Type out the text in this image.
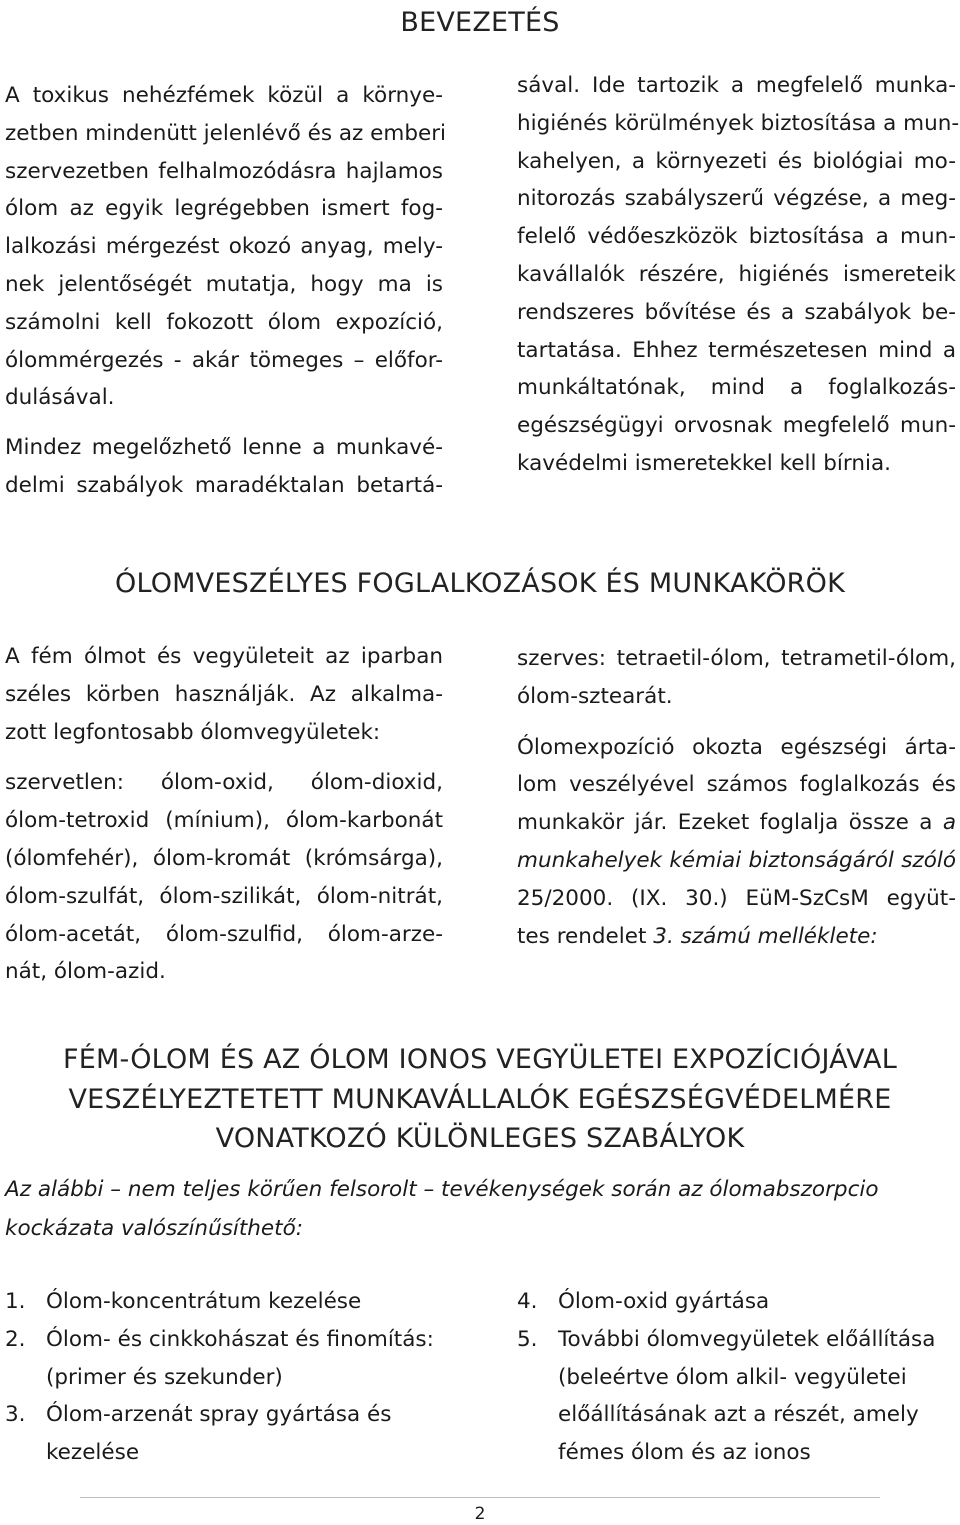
BEVEZETÉS
A toxikus nehézfémek közül a környe-
zetben mindenütt jelenlévő és az emberi
szervezetben felhalmozódásra hajlamos
ólom az egyik legrégebben ismert fog-
lalkozási mérgezést okozó anyag, mely-
nek jelentőségét mutatja, hogy ma is
számolni kell fokozott ólom expozíció,
ólommérgezés - akár tömeges – előfor-
dulásával.
Mindez megelőzhető lenne a munkavé-
delmi szabályok maradéktalan betartá-
sával. Ide tartozik a megfelelő munka-
higiénés körülmények biztosítása a mun-
kahelyen, a környezeti és biológiai mo-
nitorozás szabályszerű végzése, a meg-
felelő védőeszközök biztosítása a mun-
kavállalók részére, higiénés ismereteik
rendszeres bővítése és a szabályok be-
tartatása. Ehhez természetesen mind a
munkáltatónak, mind a foglalkozás-
egészségügyi orvosnak megfelelő mun-
kavédelmi ismeretekkel kell bírnia.
ÓLOMVESZÉLYES FOGLALKOZÁSOK ÉS MUNKAKÖRÖK
A fém ólmot és vegyületeit az iparban
széles körben használják. Az alkalma-
zott legfontosabb ólomvegyületek:
szervetlen: ólom-oxid, ólom-dioxid,
ólom-tetroxid (mínium), ólom-karbonát
(ólomfehér), ólom-kromát (krómsárga),
ólom-szulfát, ólom-szilikát, ólom-nitrát,
ólom-acetát, ólom-szulfid, ólom-arze-
nát, ólom-azid.
szerves: tetraetil-ólom, tetrametil-ólom,
ólom-sztearát.
Ólomexpozíció okozta egészségi árta-
lom veszélyével számos foglalkozás és
munkakör jár. Ezeket foglalja össze a a
munkahelyek kémiai biztonságáról szóló
25/2000. (IX. 30.) EüM-SzCsM együt-
tes rendelet 3. számú melléklete:
FÉM-ÓLOM ÉS AZ ÓLOM IONOS VEGYÜLETEI EXPOZÍCIÓJÁVAL
VESZÉLYEZTETETT MUNKAVÁLLALÓK EGÉSZSÉGVÉDELMÉRE
VONATKOZÓ KÜLÖNLEGES SZABÁLYOK
Az alábbi – nem teljes körűen felsorolt – tevékenységek során az ólomabszorpcio
kockázata valószínűsíthető:
1. Ólom-koncentrátum kezelése
2. Ólom- és cinkkohászat és finomítás:
(primer és szekunder)
3. Ólom-arzenát spray gyártása és
kezelése
4. Ólom-oxid gyártása
5. További ólomvegyületek előállítása
(beleértve ólom alkil- vegyületei
előállításának azt a részét, amely
fémes ólom és az ionos
2
